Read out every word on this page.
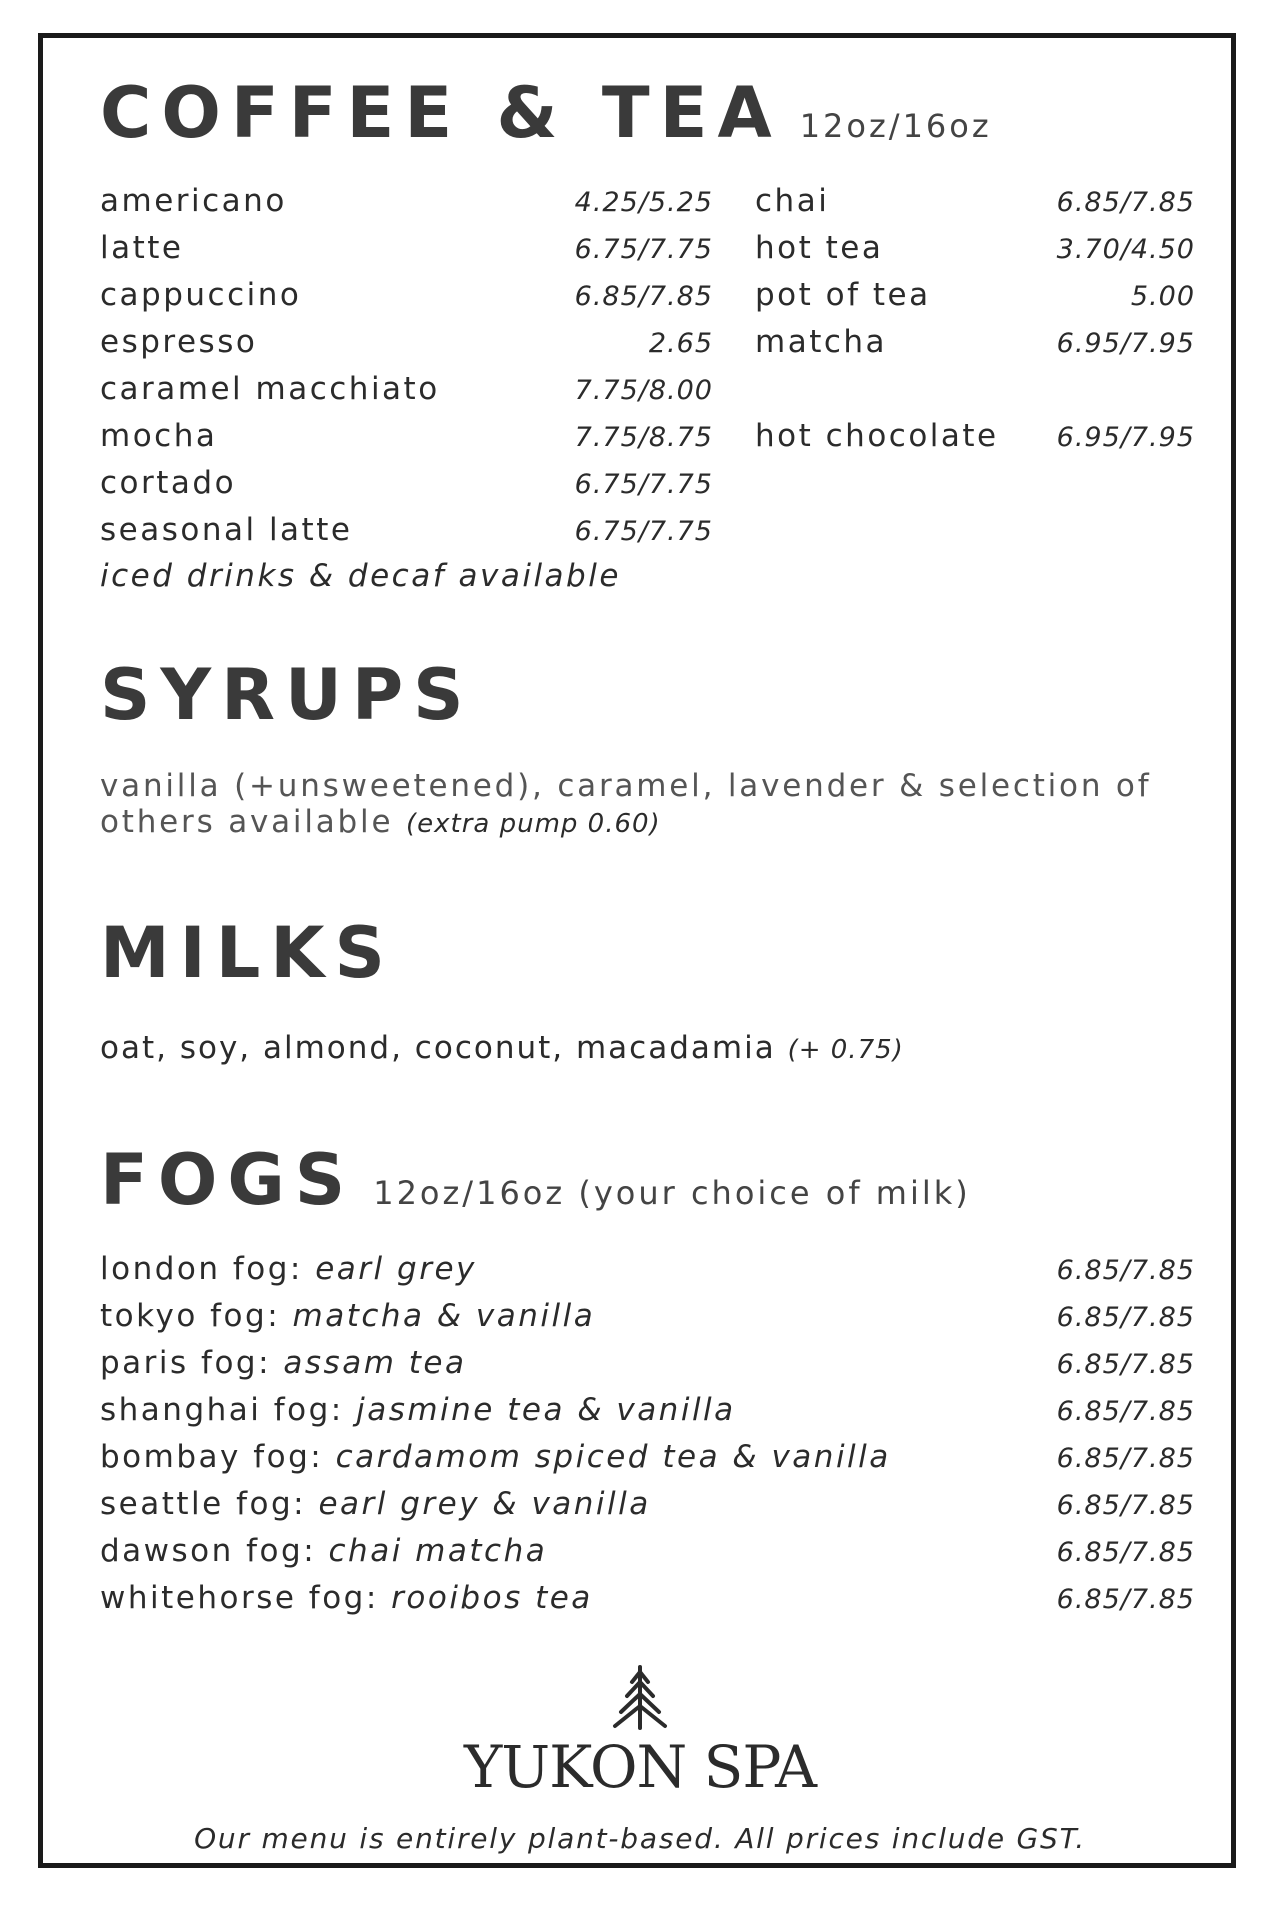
COFFEE & TEA 12oz/16oz
americano	4.25/5.25
latte	6.75/7.75
cappuccino	6.85/7.85
espresso	2.65
caramel macchiato	7.75/8.00
mocha	7.75/8.75
cortado	6.75/7.75
seasonal latte	6.75/7.75
chai	6.85/7.85
hot tea	3.70/4.50
pot of tea	5.00
matcha	6.95/7.95
hot chocolate 6.95/7.95
iced drinks & decaf available
SYRUPS
vanilla (+unsweetened), caramel, lavender & selection of others available (extra pump 0.60)
MILKS
oat, soy, almond, coconut, macadamia (+ 0.75)
FOGS 12oz/16oz (your choice of milk)
london fog: earl grey	6.85/7.85
tokyo fog: matcha & vanilla	6.85/7.85
paris fog: assam tea	6.85/7.85
shanghai fog: jasmine tea & vanilla	6.85/7.85
bombay fog: cardamom spiced tea & vanilla	6.85/7.85
seattle fog: earl grey & vanilla	6.85/7.85
dawson fog: chai matcha	6.85/7.85
whitehorse fog: rooibos tea	6.85/7.85
YUKON SPA
Our menu is entirely plant-based. All prices include GST.
